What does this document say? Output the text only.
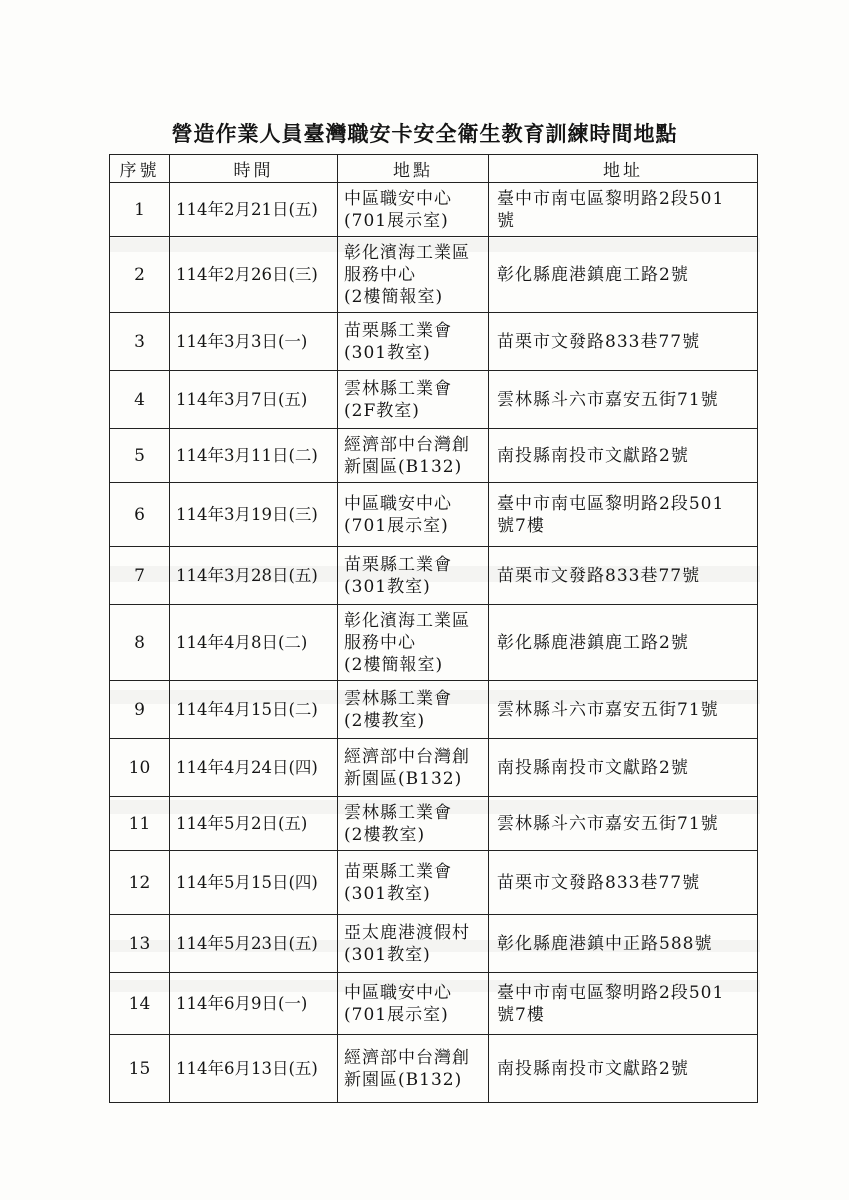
營造作業人員臺灣職安卡安全衛生教育訓練時間地點
序號	時間	地點	地址
1	114年2月21日(五)	中區職安中心
(701展示室)	臺中市南屯區黎明路2段501
號

2	114年2月26日(三)	彰化濱海工業區
服務中心
(2樓簡報室)	彰化縣鹿港鎮鹿工路2號

3	114年3月3日(一)	苗栗縣工業會
(301教室)	苗栗市文發路833巷77號

4	114年3月7日(五)	雲林縣工業會
(2F教室)	雲林縣斗六市嘉安五街71號

5	114年3月11日(二)	經濟部中台灣創
新園區(B132)	南投縣南投市文獻路2號

6	114年3月19日(三)	中區職安中心
(701展示室)	臺中市南屯區黎明路2段501
號7樓

7	114年3月28日(五)	苗栗縣工業會
(301教室)	苗栗市文發路833巷77號

8	114年4月8日(二)	彰化濱海工業區
服務中心
(2樓簡報室)	彰化縣鹿港鎮鹿工路2號

9	114年4月15日(二)	雲林縣工業會
(2樓教室)	雲林縣斗六市嘉安五街71號

10	114年4月24日(四)	經濟部中台灣創
新園區(B132)	南投縣南投市文獻路2號

11	114年5月2日(五)	雲林縣工業會
(2樓教室)	雲林縣斗六市嘉安五街71號

12	114年5月15日(四)	苗栗縣工業會
(301教室)	苗栗市文發路833巷77號

13	114年5月23日(五)	亞太鹿港渡假村
(301教室)	彰化縣鹿港鎮中正路588號

14	114年6月9日(一)	中區職安中心
(701展示室)	臺中市南屯區黎明路2段501
號7樓

15	114年6月13日(五)	經濟部中台灣創
新園區(B132)	南投縣南投市文獻路2號
